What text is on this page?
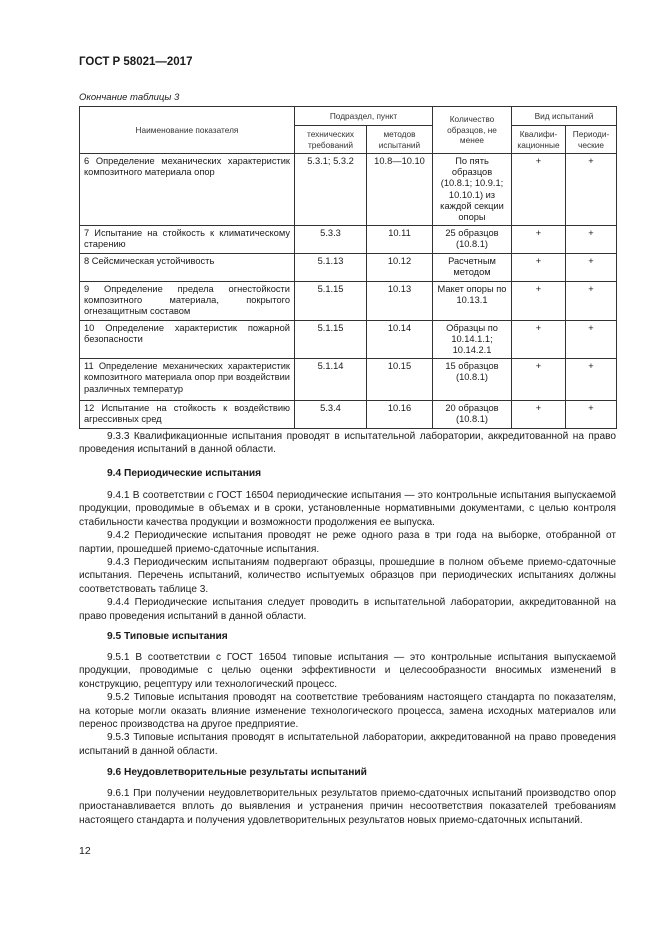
ГОСТ Р 58021—2017
Окончание таблицы 3
Наименование показателя	Подраздел, пункт		Количество образцов, не менее	Вид испытаний	
	технических требований	методов испытаний		Квалифи-кационные	Периоди-ческие
6 Определение механических характеристик композитного материала опор	5.3.1; 5.3.2	10.8—10.10	По пять образцов (10.8.1; 10.9.1; 10.10.1) из каждой секции опоры	+	+
7 Испытание на стойкость к климатическому старению	5.3.3	10.11	25 образцов (10.8.1)	+	+
8 Сейсмическая устойчивость	5.1.13	10.12	Расчетным методом	+	+
9 Определение предела огнестойкости композитного материала, покрытого огнезащитным составом	5.1.15	10.13	Макет опоры по 10.13.1	+	+
10 Определение характеристик пожарной безопасности	5.1.15	10.14	Образцы по 10.14.1.1; 10.14.2.1	+	+
11 Определение механических характеристик композитного материала опор при воздействии различных температур	5.1.14	10.15	15 образцов (10.8.1)	+	+
12 Испытание на стойкость к воздействию агрессивных сред	5.3.4	10.16	20 образцов (10.8.1)	+	+

9.3.3 Квалификационные испытания проводят в испытательной лаборатории, аккредитованной на право проведения испытаний в данной области.

9.4 Периодические испытания

9.4.1 В соответствии с ГОСТ 16504 периодические испытания — это контрольные испытания выпускаемой продукции, проводимые в объемах и в сроки, установленные нормативными документами, с целью контроля стабильности качества продукции и возможности продолжения ее выпуска.

9.4.2 Периодические испытания проводят не реже одного раза в три года на выборке, отобранной от партии, прошедшей приемо-сдаточные испытания.

9.4.3 Периодическим испытаниям подвергают образцы, прошедшие в полном объеме приемо-сдаточные испытания. Перечень испытаний, количество испытуемых образцов при периодических испытаниях должны соответствовать таблице 3.

9.4.4 Периодические испытания следует проводить в испытательной лаборатории, аккредитованной на право проведения испытаний в данной области.

9.5 Типовые испытания

9.5.1 В соответствии с ГОСТ 16504 типовые испытания — это контрольные испытания выпускаемой продукции, проводимые с целью оценки эффективности и целесообразности вносимых изменений в конструкцию, рецептуру или технологический процесс.

9.5.2 Типовые испытания проводят на соответствие требованиям настоящего стандарта по показателям, на которые могли оказать влияние изменение технологического процесса, замена исходных материалов или перенос производства на другое предприятие.

9.5.3 Типовые испытания проводят в испытательной лаборатории, аккредитованной на право проведения испытаний в данной области.

9.6 Неудовлетворительные результаты испытаний

9.6.1 При получении неудовлетворительных результатов приемо-сдаточных испытаний производство опор приостанавливается вплоть до выявления и устранения причин несоответствия показателей требованиям настоящего стандарта и получения удовлетворительных результатов новых приемо-сдаточных испытаний.

12
